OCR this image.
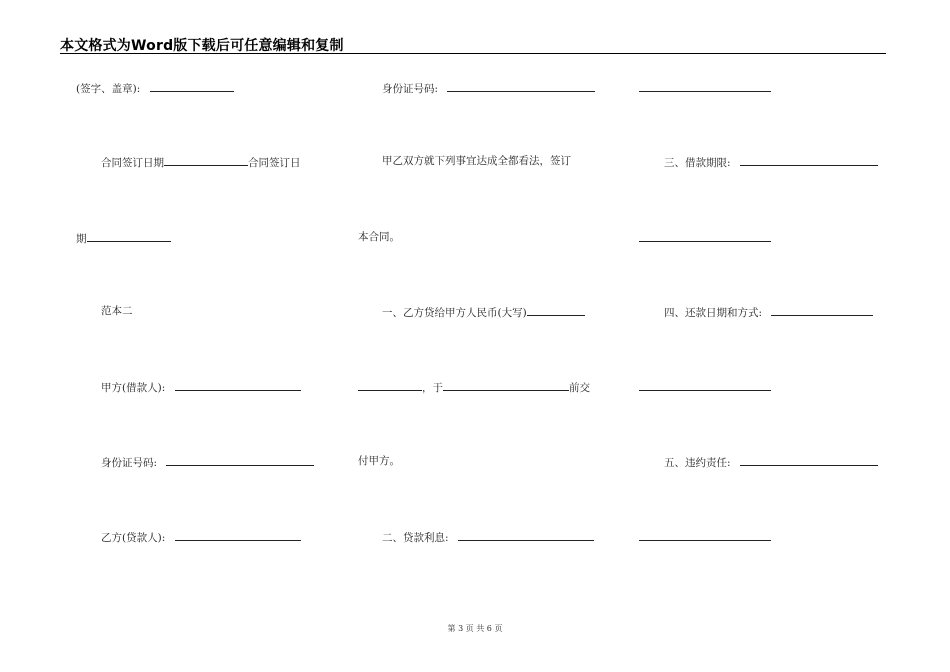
本文格式为Word版下载后可任意编辑和复制
(签字、盖章):
合同签订日期	合同签订日
期
范本二
甲方(借款人):
身份证号码:
乙方(贷款人):
身份证号码:
甲乙双方就下列事宜达成全都看法，签订
本合同。
一、乙方贷给甲方人民币(大写)
，于	前交
付甲方。
二、贷款利息:
三、借款期限:
四、还款日期和方式:
五、违约责任:
第 3 页 共 6 页
